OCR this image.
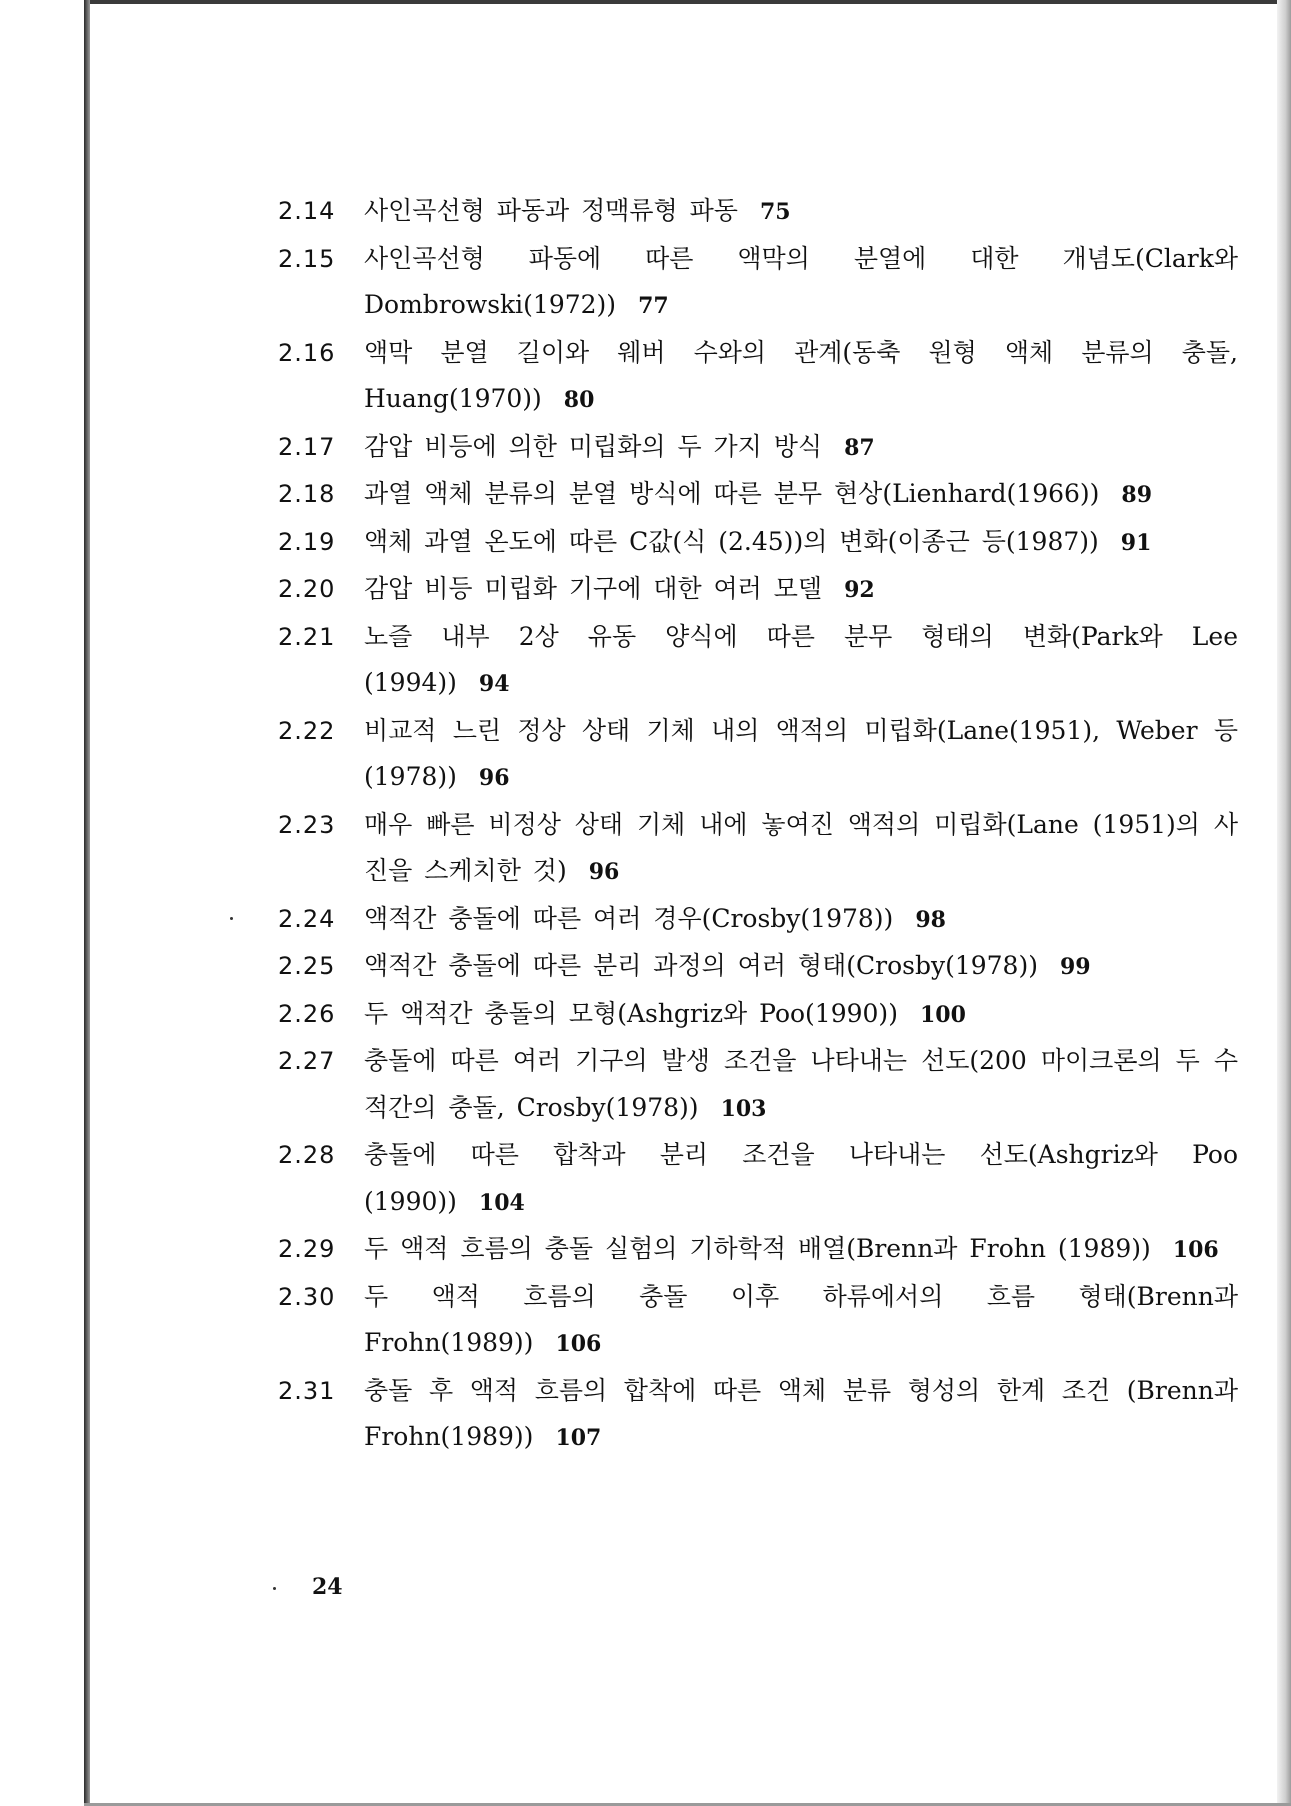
2.14	사인곡선형 파동과 정맥류형 파동 75
2.15	사인곡선형 파동에 따른 액막의 분열에 대한 개념도(Clark와 Dombrowski(1972)) 77
2.16	액막 분열 길이와 웨버 수와의 관계(동축 원형 액체 분류의 충돌, Huang(1970)) 80
2.17	감압 비등에 의한 미립화의 두 가지 방식 87
2.18	과열 액체 분류의 분열 방식에 따른 분무 현상(Lienhard(1966)) 89
2.19	액체 과열 온도에 따른 C값(식 (2.45))의 변화(이종근 등(1987)) 91
2.20	감압 비등 미립화 기구에 대한 여러 모델 92
2.21	노즐 내부 2상 유동 양식에 따른 분무 형태의 변화(Park와 Lee (1994)) 94
2.22	비교적 느린 정상 상태 기체 내의 액적의 미립화(Lane(1951), Weber 등(1978)) 96
2.23	매우 빠른 비정상 상태 기체 내에 놓여진 액적의 미립화(Lane (1951)의 사진을 스케치한 것) 96
2.24	액적간 충돌에 따른 여러 경우(Crosby(1978)) 98
2.25	액적간 충돌에 따른 분리 과정의 여러 형태(Crosby(1978)) 99
2.26	두 액적간 충돌의 모형(Ashgriz와 Poo(1990)) 100
2.27	충돌에 따른 여러 기구의 발생 조건을 나타내는 선도(200 마이크론의 두 수적간의 충돌, Crosby(1978)) 103
2.28	충돌에 따른 합착과 분리 조건을 나타내는 선도(Ashgriz와 Poo (1990)) 104
2.29	두 액적 흐름의 충돌 실험의 기하학적 배열(Brenn과 Frohn (1989)) 106
2.30	두 액적 흐름의 충돌 이후 하류에서의 흐름 형태(Brenn과 Frohn(1989)) 106
2.31	충돌 후 액적 흐름의 합착에 따른 액체 분류 형성의 한계 조건 (Brenn과 Frohn(1989)) 107
24
